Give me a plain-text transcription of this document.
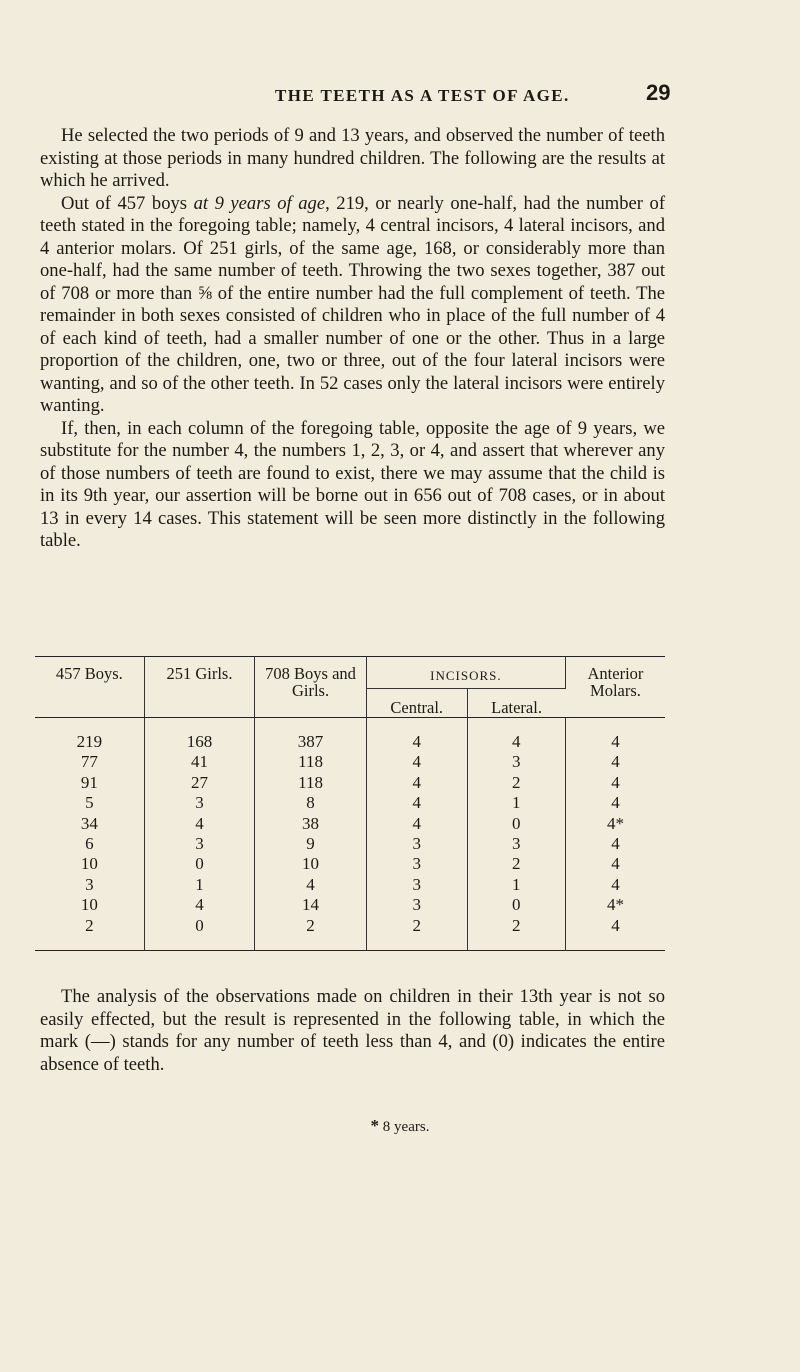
THE TEETH AS A TEST OF AGE.	29

He selected the two periods of 9 and 13 years, and observed the number of teeth existing at those periods in many hundred children. The following are the results at which he arrived.

Out of 457 boys at 9 years of age, 219, or nearly one-half, had the number of teeth stated in the foregoing table; namely, 4 central incisors, 4 lateral incisors, and 4 anterior molars. Of 251 girls, of the same age, 168, or considerably more than one-half, had the same number of teeth. Throwing the two sexes together, 387 out of 708 or more than ⅝ of the entire number had the full complement of teeth. The remainder in both sexes consisted of children who in place of the full number of 4 of each kind of teeth, had a smaller number of one or the other. Thus in a large proportion of the children, one, two or three, out of the four lateral incisors were wanting, and so of the other teeth. In 52 cases only the lateral incisors were entirely wanting.

If, then, in each column of the foregoing table, opposite the age of 9 years, we substitute for the number 4, the numbers 1, 2, 3, or 4, and assert that wherever any of those numbers of teeth are found to exist, there we may assume that the child is in its 9th year, our assertion will be borne out in 656 out of 708 cases, or in about 13 in every 14 cases. This statement will be seen more distinctly in the following table.

457 Boys.	251 Girls.	708 Boys and Girls.	INCISORS.		Anterior Molars.
			Central.	Lateral.	

219	168	387	4	4	4
77	41	118	4	3	4
91	27	118	4	2	4
5	3	8	4	1	4
34	4	38	4	0	4*
6	3	9	3	3	4
10	0	10	3	2	4
3	1	4	3	1	4
10	4	14	3	0	4*
2	0	2	2	2	4

The analysis of the observations made on children in their 13th year is not so easily effected, but the result is represented in the following table, in which the mark (—) stands for any number of teeth less than 4, and (0) indicates the entire absence of teeth.

* 8 years.
